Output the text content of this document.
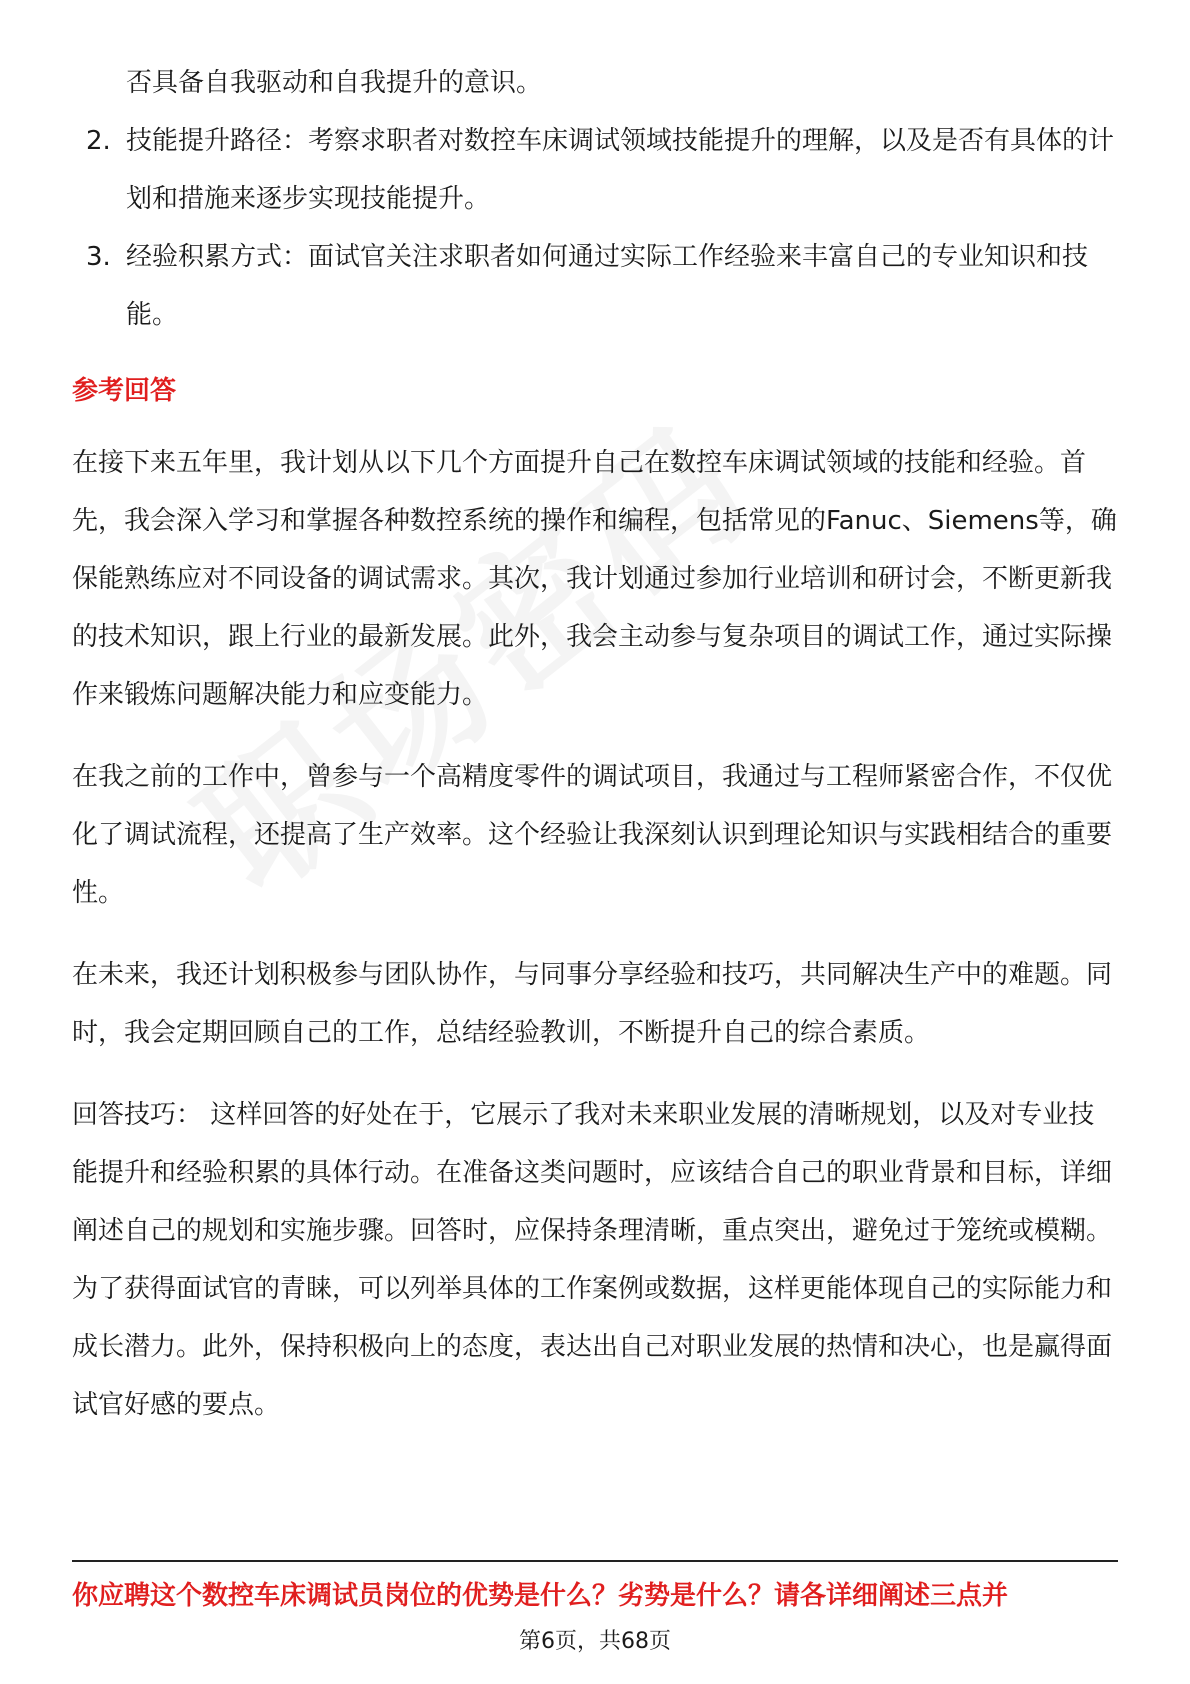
否具备自我驱动和自我提升的意识。
2. 技能提升路径：考察求职者对数控车床调试领域技能提升的理解，以及是否有具体的计划和措施来逐步实现技能提升。
3. 经验积累方式：面试官关注求职者如何通过实际工作经验来丰富自己的专业知识和技能。
参考回答
在接下来五年里，我计划从以下几个方面提升自己在数控车床调试领域的技能和经验。首先，我会深入学习和掌握各种数控系统的操作和编程，包括常见的Fanuc、Siemens等，确保能熟练应对不同设备的调试需求。其次，我计划通过参加行业培训和研讨会，不断更新我的技术知识，跟上行业的最新发展。此外，我会主动参与复杂项目的调试工作，通过实际操作来锻炼问题解决能力和应变能力。
在我之前的工作中，曾参与一个高精度零件的调试项目，我通过与工程师紧密合作，不仅优化了调试流程，还提高了生产效率。这个经验让我深刻认识到理论知识与实践相结合的重要性。
在未来，我还计划积极参与团队协作，与同事分享经验和技巧，共同解决生产中的难题。同时，我会定期回顾自己的工作，总结经验教训，不断提升自己的综合素质。
回答技巧： 这样回答的好处在于，它展示了我对未来职业发展的清晰规划，以及对专业技能提升和经验积累的具体行动。在准备这类问题时，应该结合自己的职业背景和目标，详细阐述自己的规划和实施步骤。回答时，应保持条理清晰，重点突出，避免过于笼统或模糊。为了获得面试官的青睐，可以列举具体的工作案例或数据，这样更能体现自己的实际能力和成长潜力。此外，保持积极向上的态度，表达出自己对职业发展的热情和决心，也是赢得面试官好感的要点。
你应聘这个数控车床调试员岗位的优势是什么？劣势是什么？请各详细阐述三点并
第6页，共68页
